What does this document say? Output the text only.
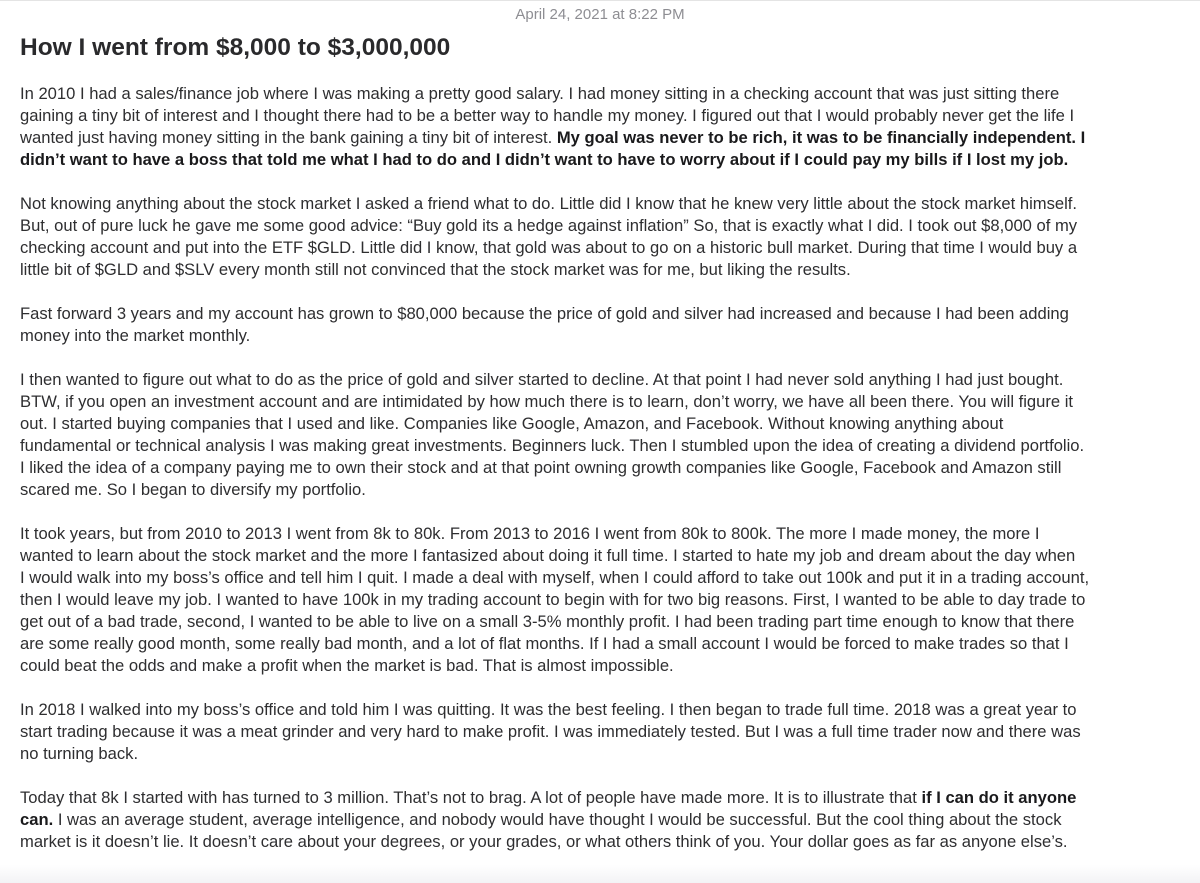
April 24, 2021 at 8:22 PM
How I went from $8,000 to $3,000,000
In 2010 I had a sales/finance job where I was making a pretty good salary. I had money sitting in a checking account that was just sitting there
gaining a tiny bit of interest and I thought there had to be a better way to handle my money. I figured out that I would probably never get the life I
wanted just having money sitting in the bank gaining a tiny bit of interest. My goal was never to be rich, it was to be financially independent. I
didn’t want to have a boss that told me what I had to do and I didn’t want to have to worry about if I could pay my bills if I lost my job.
Not knowing anything about the stock market I asked a friend what to do. Little did I know that he knew very little about the stock market himself.
But, out of pure luck he gave me some good advice: “Buy gold its a hedge against inflation” So, that is exactly what I did. I took out $8,000 of my
checking account and put into the ETF $GLD. Little did I know, that gold was about to go on a historic bull market. During that time I would buy a
little bit of $GLD and $SLV every month still not convinced that the stock market was for me, but liking the results.
Fast forward 3 years and my account has grown to $80,000 because the price of gold and silver had increased and because I had been adding
money into the market monthly.
I then wanted to figure out what to do as the price of gold and silver started to decline. At that point I had never sold anything I had just bought.
BTW, if you open an investment account and are intimidated by how much there is to learn, don’t worry, we have all been there. You will figure it
out. I started buying companies that I used and like. Companies like Google, Amazon, and Facebook. Without knowing anything about
fundamental or technical analysis I was making great investments. Beginners luck. Then I stumbled upon the idea of creating a dividend portfolio.
I liked the idea of a company paying me to own their stock and at that point owning growth companies like Google, Facebook and Amazon still
scared me. So I began to diversify my portfolio.
It took years, but from 2010 to 2013 I went from 8k to 80k. From 2013 to 2016 I went from 80k to 800k. The more I made money, the more I
wanted to learn about the stock market and the more I fantasized about doing it full time. I started to hate my job and dream about the day when
I would walk into my boss’s office and tell him I quit. I made a deal with myself, when I could afford to take out 100k and put it in a trading account,
then I would leave my job. I wanted to have 100k in my trading account to begin with for two big reasons. First, I wanted to be able to day trade to
get out of a bad trade, second, I wanted to be able to live on a small 3-5% monthly profit. I had been trading part time enough to know that there
are some really good month, some really bad month, and a lot of flat months. If I had a small account I would be forced to make trades so that I
could beat the odds and make a profit when the market is bad. That is almost impossible.
In 2018 I walked into my boss’s office and told him I was quitting. It was the best feeling. I then began to trade full time. 2018 was a great year to
start trading because it was a meat grinder and very hard to make profit. I was immediately tested. But I was a full time trader now and there was
no turning back.
Today that 8k I started with has turned to 3 million. That’s not to brag. A lot of people have made more. It is to illustrate that if I can do it anyone
can. I was an average student, average intelligence, and nobody would have thought I would be successful. But the cool thing about the stock
market is it doesn’t lie. It doesn’t care about your degrees, or your grades, or what others think of you. Your dollar goes as far as anyone else’s.
